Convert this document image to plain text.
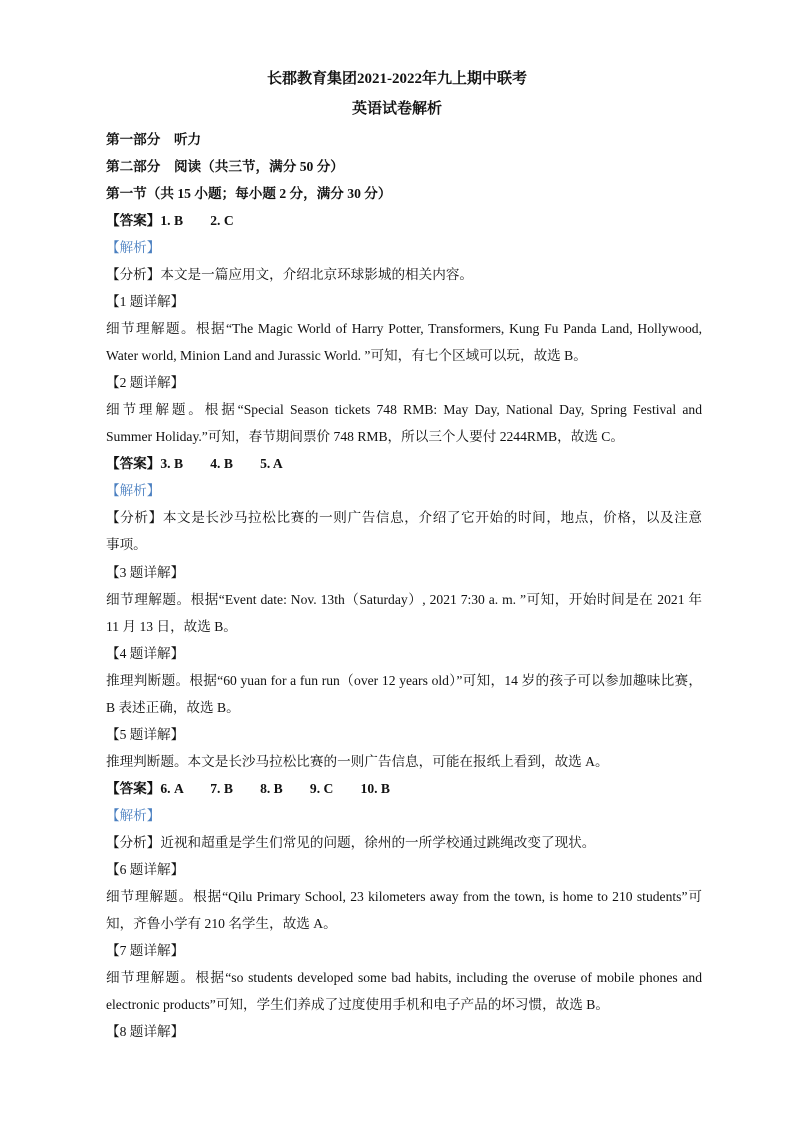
长郡教育集团2021-2022年九上期中联考
英语试卷解析
第一部分　听力
第二部分　阅读（共三节，满分 50 分）
第一节（共 15 小题；每小题 2 分，满分 30 分）
【答案】1. B　　2. C
【解析】
【分析】本文是一篇应用文，介绍北京环球影城的相关内容。
【1 题详解】
细节理解题。根据“The Magic World of Harry Potter, Transformers, Kung Fu Panda Land, Hollywood,
Water world, Minion Land and Jurassic World. ”可知，有七个区域可以玩，故选 B。
【2 题详解】
细节理解题。根据“Special Season tickets 748 RMB: May Day, National Day, Spring Festival and
Summer Holiday.”可知，春节期间票价 748 RMB，所以三个人要付 2244RMB，故选 C。
【答案】3. B　　4. B　　5. A
【解析】
【分析】本文是长沙马拉松比赛的一则广告信息，介绍了它开始的时间，地点，价格，以及注意
事项。
【3 题详解】
细节理解题。根据“Event date: Nov. 13th（Saturday）, 2021 7:30 a. m. ”可知，开始时间是在 2021 年
11 月 13 日，故选 B。
【4 题详解】
推理判断题。根据“60 yuan for a fun run（over 12 years old）”可知，14 岁的孩子可以参加趣味比赛，
B 表述正确，故选 B。
【5 题详解】
推理判断题。本文是长沙马拉松比赛的一则广告信息，可能在报纸上看到，故选 A。
【答案】6. A　　7. B　　8. B　　9. C　　10. B
【解析】
【分析】近视和超重是学生们常见的问题，徐州的一所学校通过跳绳改变了现状。
【6 题详解】
细节理解题。根据“Qilu Primary School, 23 kilometers away from the town, is home to 210 students”可
知，齐鲁小学有 210 名学生，故选 A。
【7 题详解】
细节理解题。根据“so students developed some bad habits, including the overuse of mobile phones and
electronic products”可知，学生们养成了过度使用手机和电子产品的坏习惯，故选 B。
【8 题详解】
